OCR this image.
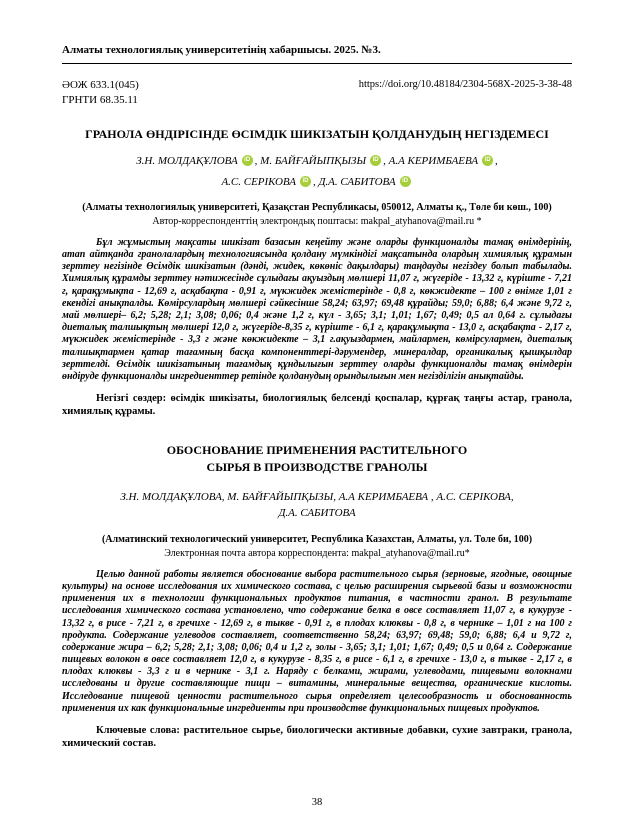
Алматы технологиялық университетінің хабаршысы. 2025. №3.
ӘОЖ 633.1(045)
ГРНТИ 68.35.11
https://doi.org/10.48184/2304-568X-2025-3-38-48
ГРАНОЛА ӨНДІРІСІНДЕ ӨСІМДІК ШИКІЗАТЫН ҚОЛДАНУДЫҢ НЕГІЗДЕМЕСІ
З.Н. МОЛДАҚҰЛОВА iD , М. БАЙҒАЙЫПҚЫЗЫ iD , А.А КЕРИМБАЕВА iD ,
А.С. СЕРІКОВА iD , Д.А. САБИТОВА iD
(Алматы технологиялық университеті, Қазақстан Республикасы, 050012, Алматы қ., Төле би көш., 100)
Автор-корреспонденттің электрондық поштасы: makpal_atyhanova@mail.ru *

Бұл жұмыстың мақсаты шикізат базасын кеңейту және оларды функционалды тамақ өнімдерінің, атап айтқанда гранолалардың технологиясында қолдану мүмкіндігі мақсатында олардың химиялық құрамын зерттеу негізінде Өсімдік шикізатын (дәнді, жидек, көкөніс дақылдары) таңдауды негіздеу болып табылады. Химиялық құрамды зерттеу нәтижесінде сұлыдағы ақуыздың мөлшері 11,07 г, жүгеріде - 13,32 г, күріште - 7,21 г, қарақұмықта - 12,69 г, асқабақта - 0,91 г, мүкжидек жемістерінде - 0,8 г, көкжидекте – 100 г өнімге 1,01 г екендігі анықталды. Көмірсулардың мөлшері сәйкесінше 58,24; 63,97; 69,48 құрайды; 59,0; 6,88; 6,4 және 9,72 г, май мөлшері– 6,2; 5,28; 2,1; 3,08; 0,06; 0,4 және 1,2 г, күл - 3,65; 3,1; 1,01; 1,67; 0,49; 0,5 ал 0,64 г. сұлыдағы диеталық талшықтың мөлшері 12,0 г, жүгеріде-8,35 г, күріште - 6,1 г, қарақұмықта - 13,0 г, асқабақта - 2,17 г, мүкжидек жемістерінде - 3,3 г және көкжидекте – 3,1 г.ақуыздармен, майлармен, көмірсулармен, диеталық талшықтармен қатар тағамның басқа компоненттері-дәрумендер, минералдар, органикалық қышқылдар зерттелді. Өсімдік шикізатының тағамдық құндылығын зерттеу оларды функционалды тамақ өнімдерін өндіруде функционалды ингредиенттер ретінде қолданудың орындылығын мен негізділігін анықтайды.

Негізгі сөздер: өсімдік шикізаты, биологиялық белсенді қоспалар, құрғақ таңғы астар, гранола, химиялық құрамы.

ОБОСНОВАНИЕ ПРИМЕНЕНИЯ РАСТИТЕЛЬНОГО СЫРЬЯ В ПРОИЗВОДСТВЕ ГРАНОЛЫ
З.Н. МОЛДАҚҰЛОВА, М. БАЙҒАЙЫПҚЫЗЫ, А.А КЕРИМБАЕВА , А.С. СЕРІКОВА, Д.А. САБИТОВА
(Алматинский технологический университет, Республика Казахстан, Алматы, ул. Толе би, 100)
Электронная почта автора корреспондента: makpal_atyhanova@mail.ru*

Целью данной работы является обоснование выбора растительного сырья (зерновые, ягодные, овощные культуры) на основе исследования их химического состава, с целью расширения сырьевой базы и возможности применения их в технологии функциональных продуктов питания, в частности гранол. В результате исследования химического состава установлено, что содержание белка в овсе составляет 11,07 г, в кукурузе - 13,32 г, в рисе - 7,21 г, в гречихе - 12,69 г, в тыкве - 0,91 г, в плодах клюквы - 0,8 г, в чернике – 1,01 г на 100 г продукта. Содержание углеводов составляет, соответственно 58,24; 63,97; 69,48; 59,0; 6,88; 6,4 и 9,72 г, содержание жира – 6,2; 5,28; 2,1; 3,08; 0,06; 0,4 и 1,2 г, золы - 3,65; 3,1; 1,01; 1,67; 0,49; 0,5 и 0,64 г. Содержание пищевых волокон в овсе составляет 12,0 г, в кукурузе - 8,35 г, в рисе - 6,1 г, в гречихе - 13,0 г, в тыкве - 2,17 г, в плодах клюквы - 3,3 г и в чернике - 3,1 г. Наряду с белками, жирами, углеводами, пищевыми волокнами исследованы и другие составляющие пищи – витамины, минеральные вещества, органические кислоты. Исследование пищевой ценности растительного сырья определяет целесообразность и обоснованность применения их как функциональные ингредиенты при производстве функциональных пищевых продуктов.

Ключевые слова: растительное сырье, биологически активные добавки, сухие завтраки, гранола, химический состав.

38
